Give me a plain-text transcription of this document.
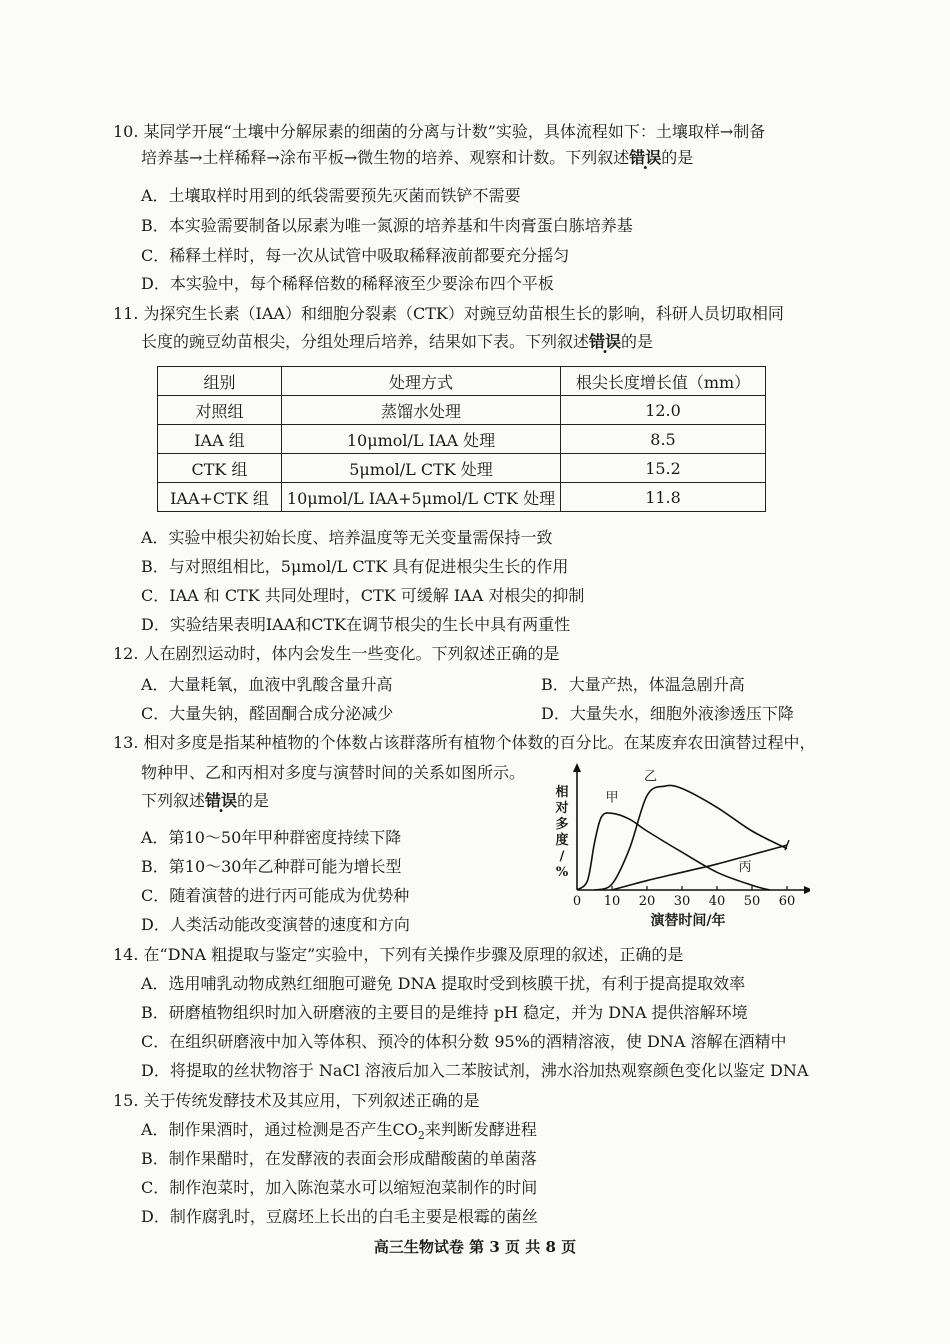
10. 某同学开展“土壤中分解尿素的细菌的分离与计数”实验，具体流程如下：土壤取样→制备
培养基→土样稀释→涂布平板→微生物的培养、观察和计数。下列叙述错误的是
A．土壤取样时用到的纸袋需要预先灭菌而铁铲不需要
B．本实验需要制备以尿素为唯一氮源的培养基和牛肉膏蛋白胨培养基
C．稀释土样时，每一次从试管中吸取稀释液前都要充分摇匀
D．本实验中，每个稀释倍数的稀释液至少要涂布四个平板
11. 为探究生长素（IAA）和细胞分裂素（CTK）对豌豆幼苗根生长的影响，科研人员切取相同
长度的豌豆幼苗根尖，分组处理后培养，结果如下表。下列叙述错误的是
组别	处理方式	根尖长度增长值（mm）
对照组	蒸馏水处理	12.0
IAA 组	10μmol/L IAA 处理	8.5
CTK 组	5μmol/L CTK 处理	15.2
IAA+CTK 组	10μmol/L IAA+5μmol/L CTK 处理	11.8
A．实验中根尖初始长度、培养温度等无关变量需保持一致
B．与对照组相比，5μmol/L CTK 具有促进根尖生长的作用
C．IAA 和 CTK 共同处理时，CTK 可缓解 IAA 对根尖的抑制
D．实验结果表明IAA和CTK在调节根尖的生长中具有两重性
12. 人在剧烈运动时，体内会发生一些变化。下列叙述正确的是
A．大量耗氧，血液中乳酸含量升高	B．大量产热，体温急剧升高
C．大量失钠，醛固酮合成分泌减少	D．大量失水，细胞外液渗透压下降
13. 相对多度是指某种植物的个体数占该群落所有植物个体数的百分比。在某废弃农田演替过程中，
物种甲、乙和丙相对多度与演替时间的关系如图所示。
下列叙述错误的是
A．第10～50年甲种群密度持续下降
B．第10～30年乙种群可能为增长型
C．随着演替的进行丙可能成为优势种
D．人类活动能改变演替的速度和方向
0 10 20 30 40 50 60
甲
乙
丙
演替时间/年
相对多度/ %
14. 在“DNA 粗提取与鉴定”实验中，下列有关操作步骤及原理的叙述，正确的是
A．选用哺乳动物成熟红细胞可避免 DNA 提取时受到核膜干扰，有利于提高提取效率
B．研磨植物组织时加入研磨液的主要目的是维持 pH 稳定，并为 DNA 提供溶解环境
C．在组织研磨液中加入等体积、预冷的体积分数 95%的酒精溶液，使 DNA 溶解在酒精中
D．将提取的丝状物溶于 NaCl 溶液后加入二苯胺试剂，沸水浴加热观察颜色变化以鉴定 DNA
15. 关于传统发酵技术及其应用，下列叙述正确的是
A．制作果酒时，通过检测是否产生$CO_2$来判断发酵进程
B．制作果醋时，在发酵液的表面会形成醋酸菌的单菌落
C．制作泡菜时，加入陈泡菜水可以缩短泡菜制作的时间
D．制作腐乳时，豆腐坯上长出的白毛主要是根霉的菌丝
高三生物试卷 第 3 页 共 8 页
